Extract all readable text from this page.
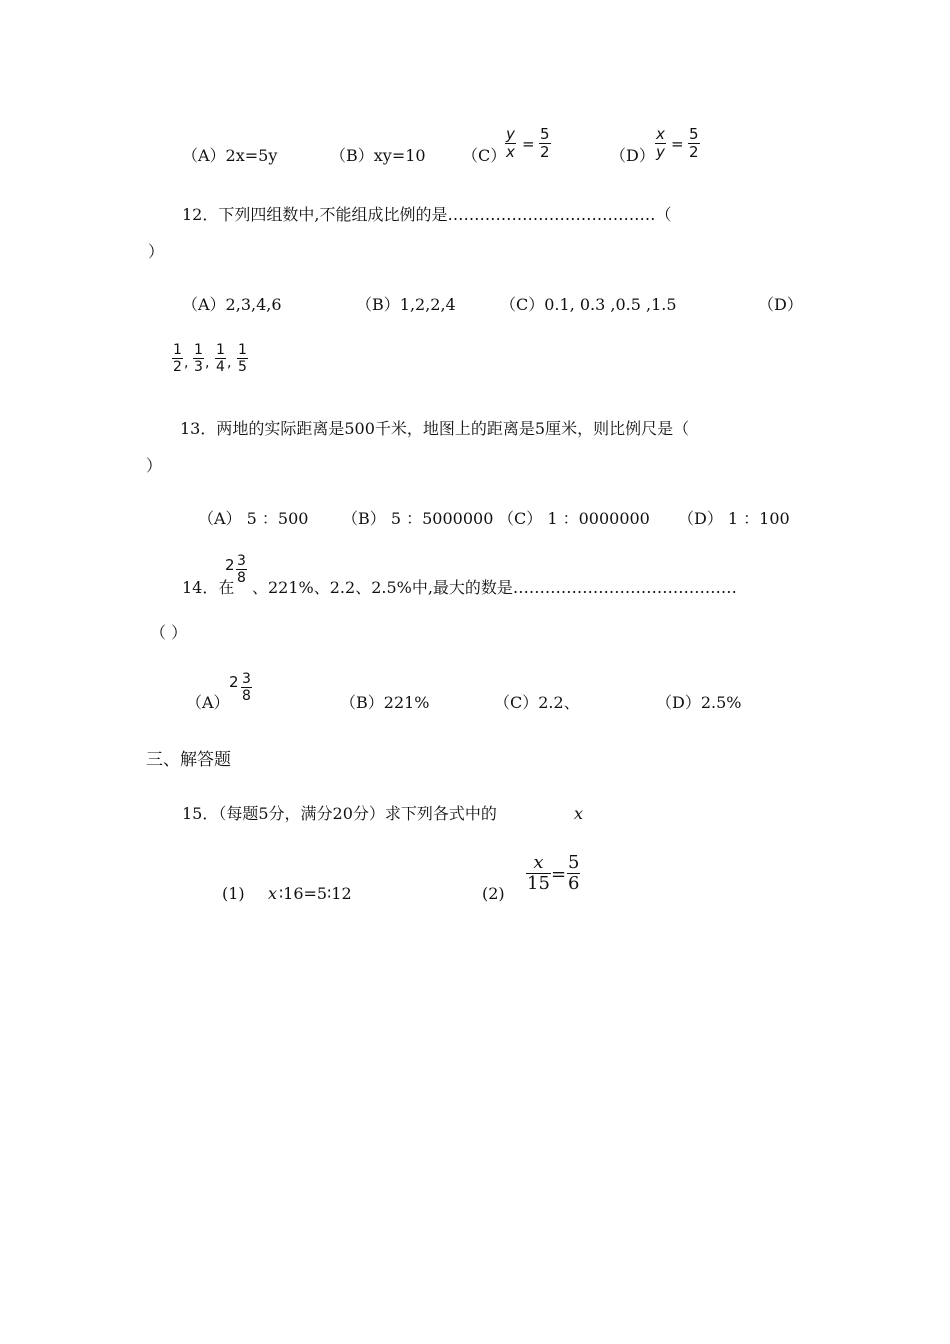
（A）2x=5y	（B）xy=10 （C）
y
x =
5
2	（D）
x
y =
5
2
12．下列四组数中,不能组成比例的是…………………………………（
）
（A）2,3,4,6	（B）1,2,2,4	（C）0.1, 0.3 ,0.5 ,1.5	（D）
1
2 ,
1
3 ,
1
4 ,
1
5
13．两地的实际距离是500千米，地图上的距离是5厘米，则比例尺是（
）
（A） 5 ：500 （B） 5 ：5000000 （C） 1 ：0000000 （D） 1 ：100
14．在
2 3
8 、221%、2.2、2.5%中,最大的数是……………………………………
（ ）
（A）
2 3
8	（B）221%	（C）2.2、	（D）2.5%
三、解答题
15．（每题5分，满分20分）求下列各式中的	x
(1) x ∶16=5∶12	(2)
x
15 =
5
6
